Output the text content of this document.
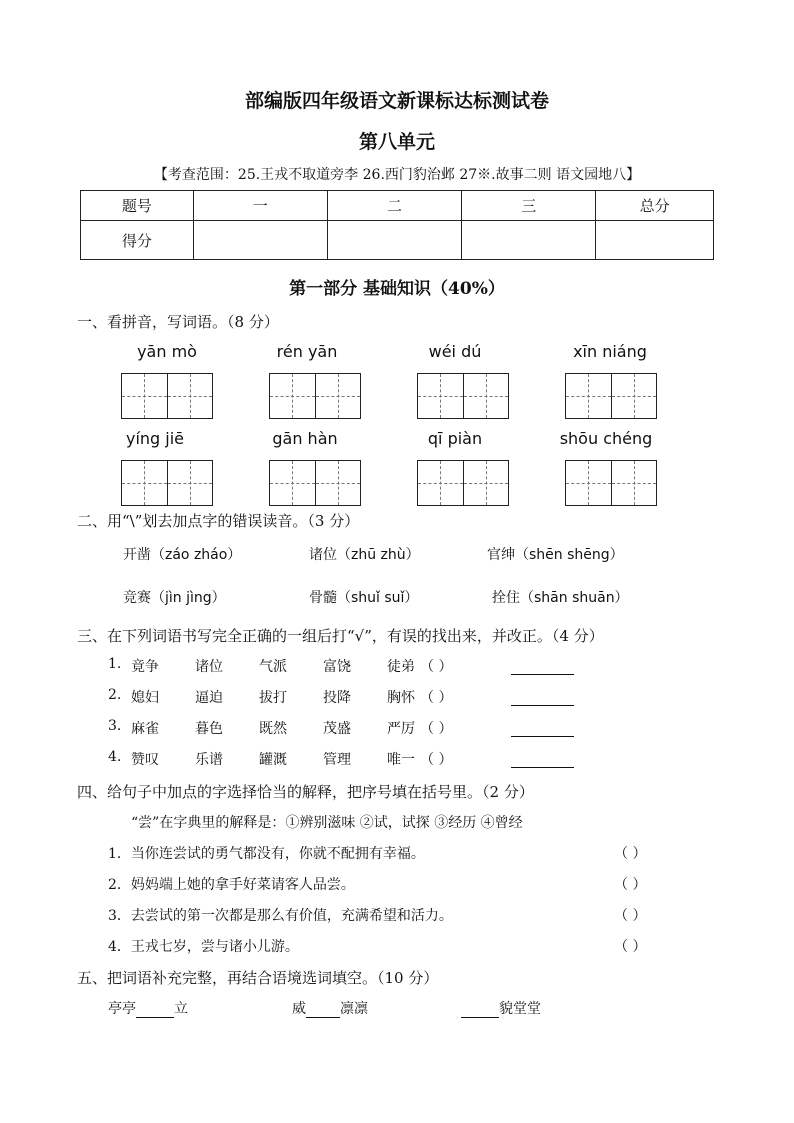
部编版四年级语文新课标达标测试卷
第八单元
【考查范围：25.王戎不取道旁李 26.西门豹治邺 27※.故事二则 语文园地八】
题号	一	二	三	总分
得分				
第一部分 基础知识（40%）
一、看拼音，写词语。（8 分）
yān mò	rén yān	wéi dú	xīn niáng
yíng jiē	gān hàn	qī piàn	shōu chéng
二、用“\”划去加点字的错误读音。（3 分）
开凿（záo zháo）	诸位（zhū zhù）	官绅（shēn shēng）
竞赛（jìn jìng）	骨髓（shuǐ suǐ）	拴住（shān shuān）
三、在下列词语书写完全正确的一组后打“√”，有误的找出来，并改正。（4 分）
1. 竟争	诸位	气派	富饶	徒弟 （ ）
2. 媳妇	逼迫	拔打	投降	胸怀 （ ）
3. 麻雀	暮色	既然	茂盛	严厉 （ ）
4. 赞叹	乐谱	罐溉	管理	唯一 （ ）
四、给句子中加点的字选择恰当的解释，把序号填在括号里。（2 分）
“尝”在字典里的解释是：①辨别滋味 ②试，试探 ③经历 ④曾经
1．当你连尝试的勇气都没有，你就不配拥有幸福。	（ ）
2．妈妈端上她的拿手好菜请客人品尝。	（ ）
3．去尝试的第一次都是那么有价值，充满希望和活力。	（ ）
4．王戎七岁，尝与诸小儿游。	（ ）
五、把词语补充完整，再结合语境选词填空。（10 分）
亭亭	立	威 凛凛	貌堂堂
